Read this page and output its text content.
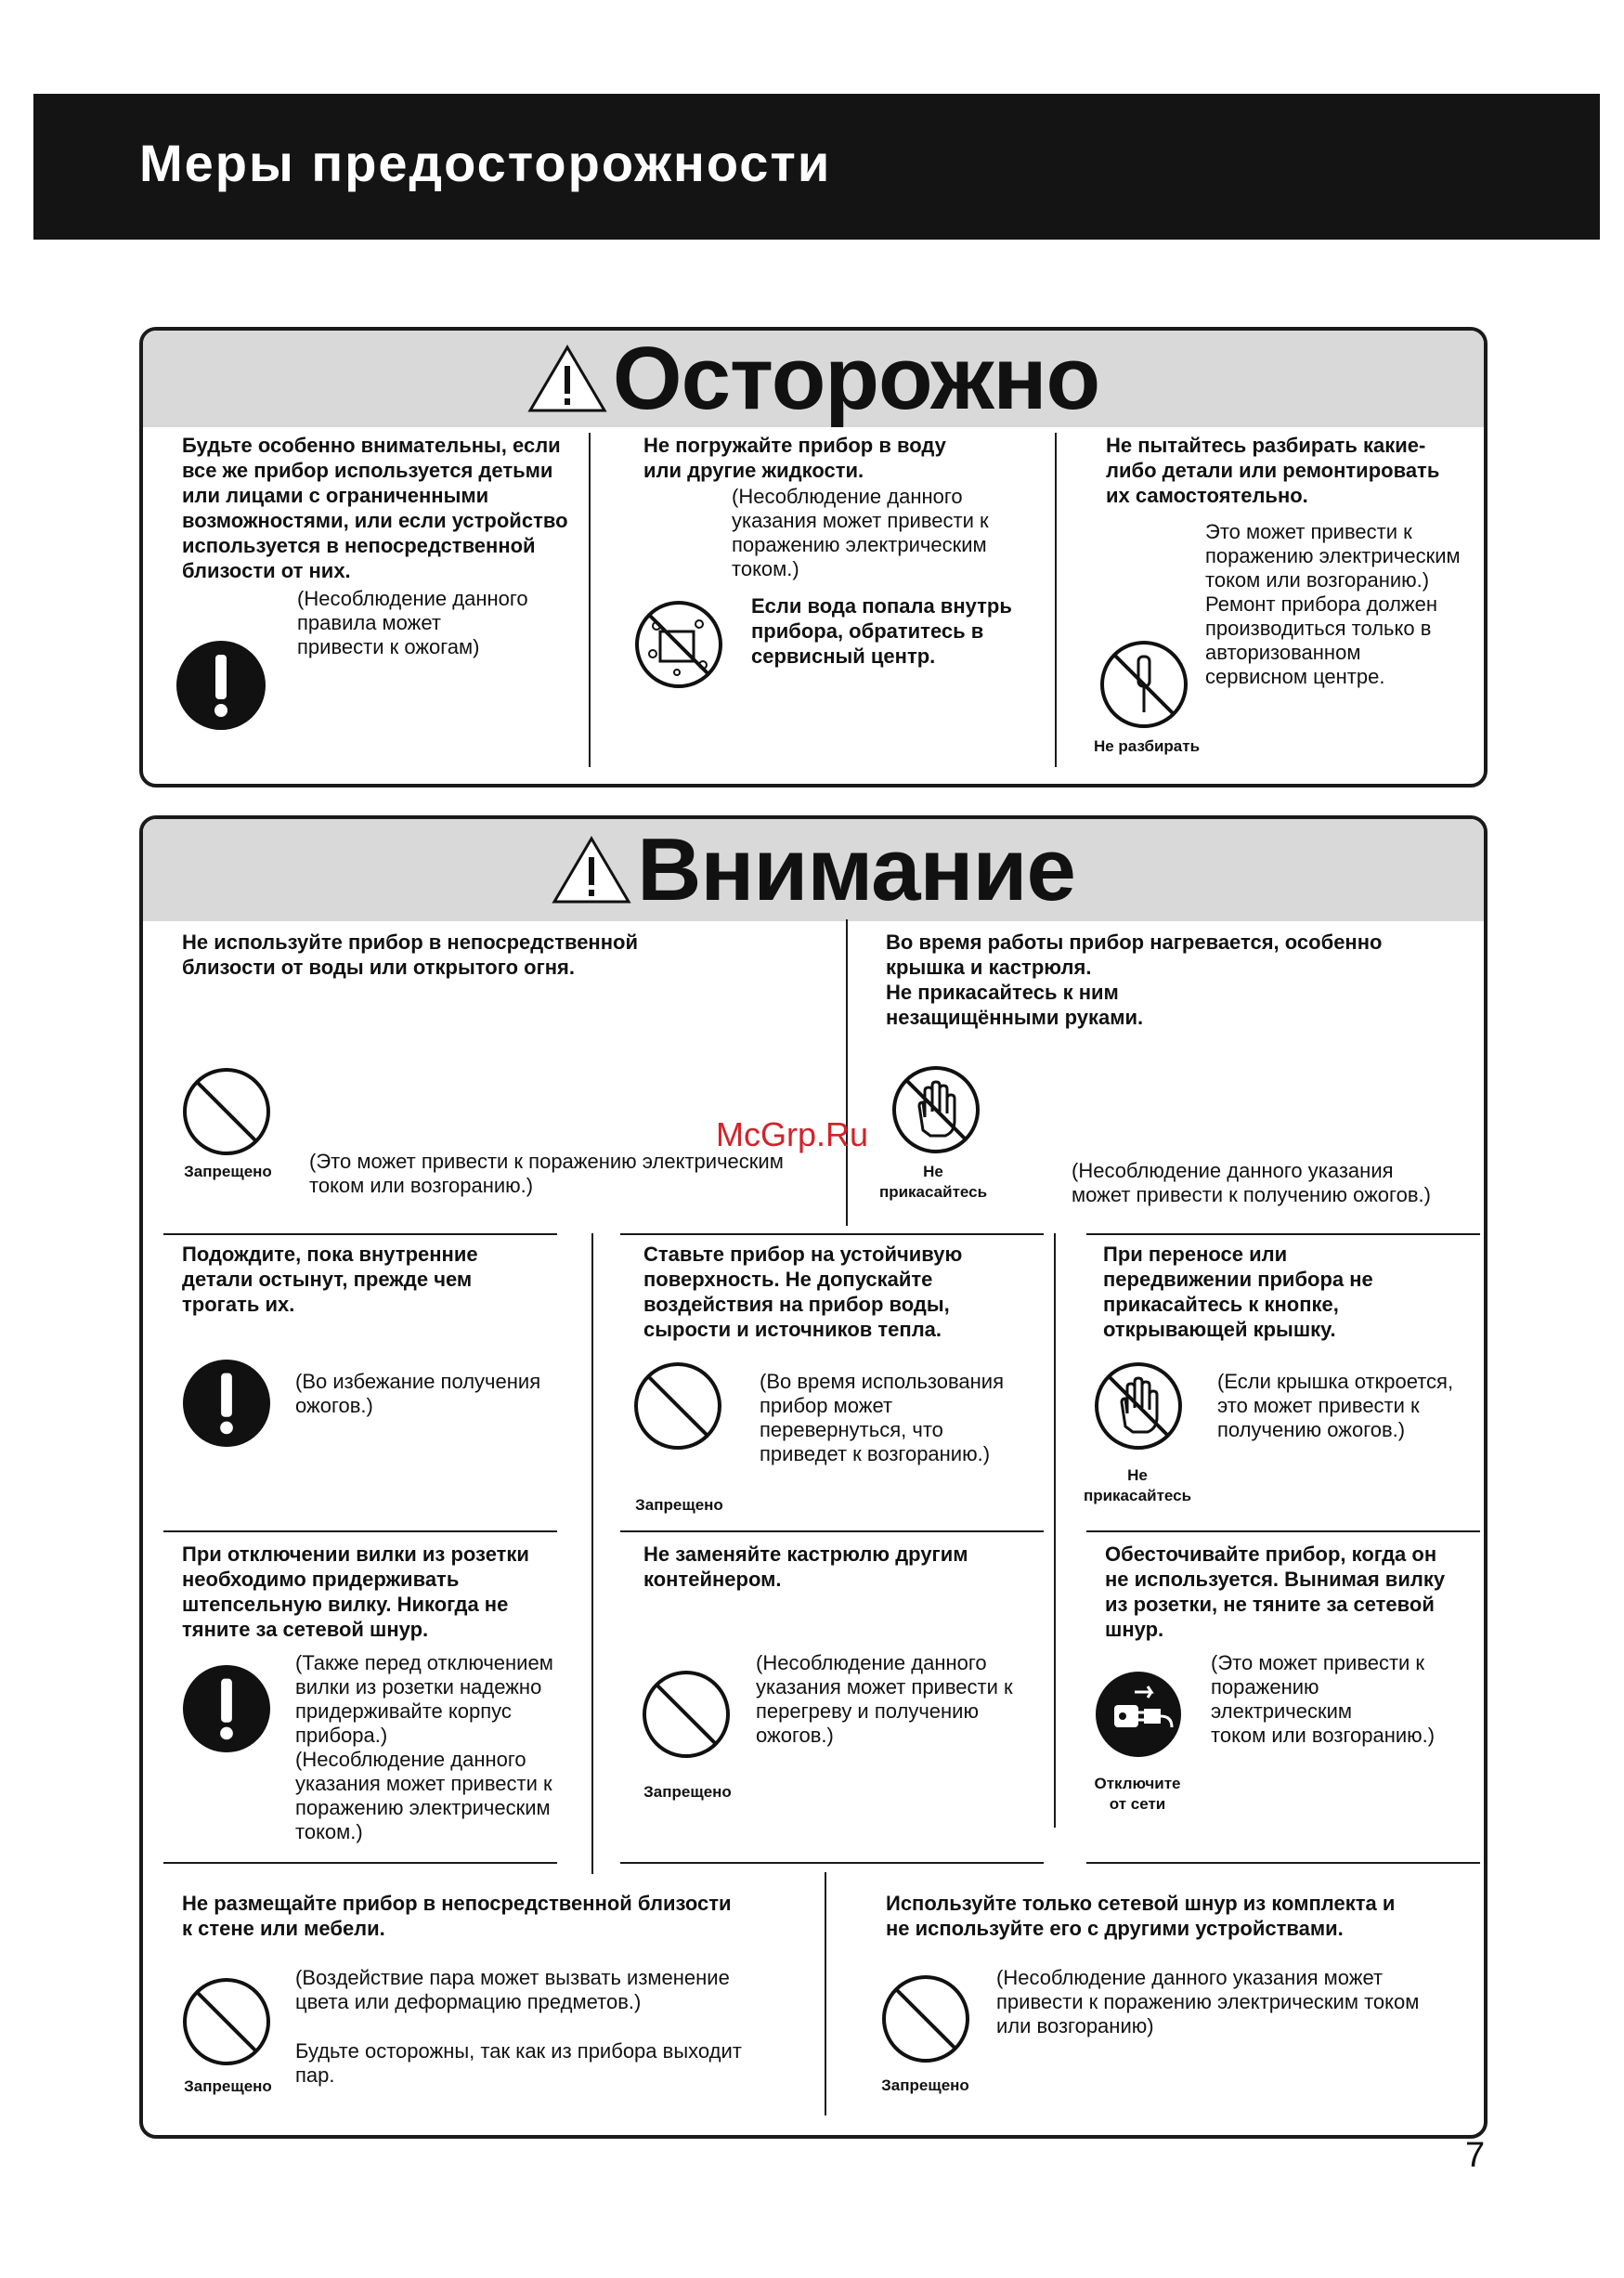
Меры предосторожности
Осторожно
Будьте особенно внимательны, если
все же прибор используется детьми
или лицами с ограниченными
возможностями, или если устройство
используется в непосредственной
близости от них.
(Несоблюдение данного
правила может
привести к ожогам)
Не погружайте прибор в воду
или другие жидкости.
(Несоблюдение данного
указания может привести к
поражению электрическим
током.)
Если вода попала внутрь
прибора, обратитесь в
сервисный центр.
Не пытайтесь разбирать какие-
либо детали или ремонтировать
их самостоятельно.
Это может привести к
поражению электрическим
током или возгоранию.)
Ремонт прибора должен
производиться только в
авторизованном
сервисном центре.
Не разбирать
Внимание
Не используйте прибор в непосредственной
близости от воды или открытого огня.
Запрещено	(Это может привести к поражению электрическим
током или возгоранию.)
Во время работы прибор нагревается, особенно
крышка и кастрюля.
Не прикасайтесь к ним
незащищёнными руками.
Не
прикасайтесь
(Несоблюдение данного указания
может привести к получению ожогов.)
Подождите, пока внутренние
детали остынут, прежде чем
трогать их.
(Во избежание получения
ожогов.)
Ставьте прибор на устойчивую
поверхность. Не допускайте
воздействия на прибор воды,
сырости и источников тепла.
Запрещено
(Во время использования
прибор может
перевернуться, что
приведет к возгоранию.)
При переносе или
передвижении прибора не
прикасайтесь к кнопке,
открывающей крышку.
Не
прикасайтесь
(Если крышка откроется,
это может привести к
получению ожогов.)
При отключении вилки из розетки
необходимо придерживать
штепсельную вилку. Никогда не
тяните за сетевой шнур.
(Также перед отключением
вилки из розетки надежно
придерживайте корпус
прибора.)
(Несоблюдение данного
указания может привести к
поражению электрическим
током.)
Не заменяйте кастрюлю другим
контейнером.
Запрещено
(Несоблюдение данного
указания может привести к
перегреву и получению
ожогов.)
Обесточивайте прибор, когда он
не используется. Вынимая вилку
из розетки, не тяните за сетевой
шнур.
Отключите
от сети
(Это может привести к
поражению
электрическим
током или возгоранию.)
Не размещайте прибор в непосредственной близости
к стене или мебели.
Запрещено
(Воздействие пара может вызвать изменение
цвета или деформацию предметов.)
Будьте осторожны, так как из прибора выходит
пар.
Используйте только сетевой шнур из комплекта и
не используйте его с другими устройствами.
Запрещено
(Несоблюдение данного указания может
привести к поражению электрическим током
или возгоранию)
McGrp.Ru
7
